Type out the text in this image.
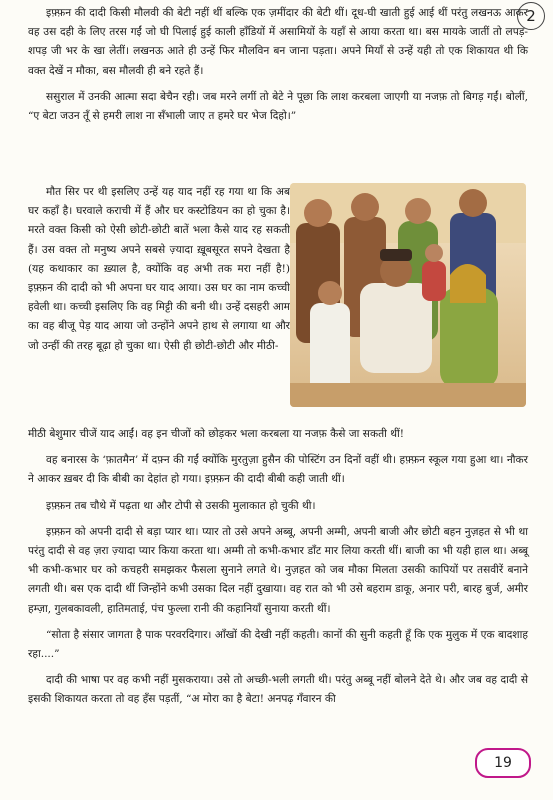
2

इफ़्फ़न की दादी किसी मौलवी की बेटी नहीं थीं बल्कि एक ज़मींदार की बेटी थीं। दूध-घी खाती हुई आई थीं परंतु लखनऊ आकर वह उस दही के लिए तरस गईं जो घी पिलाई हुई काली हाँडियों में असामियों के यहाँ से आया करता था। बस मायके जातीं तो लपड़-शपड़ जी भर के खा लेतीं। लखनऊ आते ही उन्हें फिर मौलविन बन जाना पड़ता। अपने मियाँ से उन्हें यही तो एक शिकायत थी कि वक्त देखें न मौका, बस मौलवी ही बने रहते हैं।

ससुराल में उनकी आत्मा सदा बेचैन रही। जब मरने लगीं तो बेटे ने पूछा कि लाश करबला जाएगी या नजफ़ तो बिगड़ गईं। बोलीं, “ए बेटा जउन तूँ से हमरी लाश ना सँभाली जाए त हमरे घर भेज दिहो।”

मौत सिर पर थी इसलिए उन्हें यह याद नहीं रह गया था कि अब घर कहाँ है। घरवाले कराची में हैं और घर कस्टोडियन का हो चुका है। मरते वक्त किसी को ऐसी छोटी-छोटी बातें भला कैसे याद रह सकती हैं। उस वक्त तो मनुष्य अपने सबसे ज़्यादा ख़ूबसूरत सपने देखता है (यह कथाकार का ख़्याल है, क्योंकि वह अभी तक मरा नहीं है!) इफ़्फ़न की दादी को भी अपना घर याद आया। उस घर का नाम कच्ची हवेली था। कच्ची इसलिए कि वह मिट्टी की बनी थी। उन्हें दसहरी आम का वह बीजू पेड़ याद आया जो उन्होंने अपने हाथ से लगाया था और जो उन्हीं की तरह बूढ़ा हो चुका था। ऐसी ही छोटी-छोटी और मीठी-

मीठी बेशुमार चीजें याद आईं। वह इन चीजों को छोड़कर भला करबला या नजफ़ कैसे जा सकती थीं!

वह बनारस के ‘फ़ातमैन’ में दफ़्न की गईं क्योंकि मुरतुज़ा हुसैन की पोस्टिंग उन दिनों वहीं थी। हफ़्फ़न स्कूल गया हुआ था। नौकर ने आकर ख़बर दी कि बीबी का देहांत हो गया। इफ़्फ़न की दादी बीबी कही जाती थीं।

इफ़्फ़न तब चौथे में पढ़ता था और टोपी से उसकी मुलाकात हो चुकी थी।

इफ़्फ़न को अपनी दादी से बड़ा प्यार था। प्यार तो उसे अपने अब्बू, अपनी अम्मी, अपनी बाजी और छोटी बहन नुज़हत से भी था परंतु दादी से वह ज़रा ज़्यादा प्यार किया करता था। अम्मी तो कभी-कभार डाँट मार लिया करती थीं। बाजी का भी यही हाल था। अब्बू भी कभी-कभार घर को कचहरी समझकर फैसला सुनाने लगते थे। नुज़हत को जब मौका मिलता उसकी कापियों पर तसवीरें बनाने लगती थी। बस एक दादी थीं जिन्होंने कभी उसका दिल नहीं दुखाया। वह रात को भी उसे बहराम डाकू, अनार परी, बारह बुर्ज, अमीर हम्ज़ा, गुलबकावली, हातिमताई, पंच फुल्ला रानी की कहानियाँ सुनाया करती थीं।

“सोता है संसार जागता है पाक परवरदिगार। आँखों की देखी नहीं कहती। कानों की सुनी कहती हूँ कि एक मुलुक में एक बादशाह रहा....”

दादी की भाषा पर वह कभी नहीं मुसकराया। उसे तो अच्छी-भली लगती थी। परंतु अब्बू नहीं बोलने देते थे। और जब वह दादी से इसकी शिकायत करता तो वह हँस पड़तीं, “अ मोरा का है बेटा! अनपढ़ गँवारन की

19
